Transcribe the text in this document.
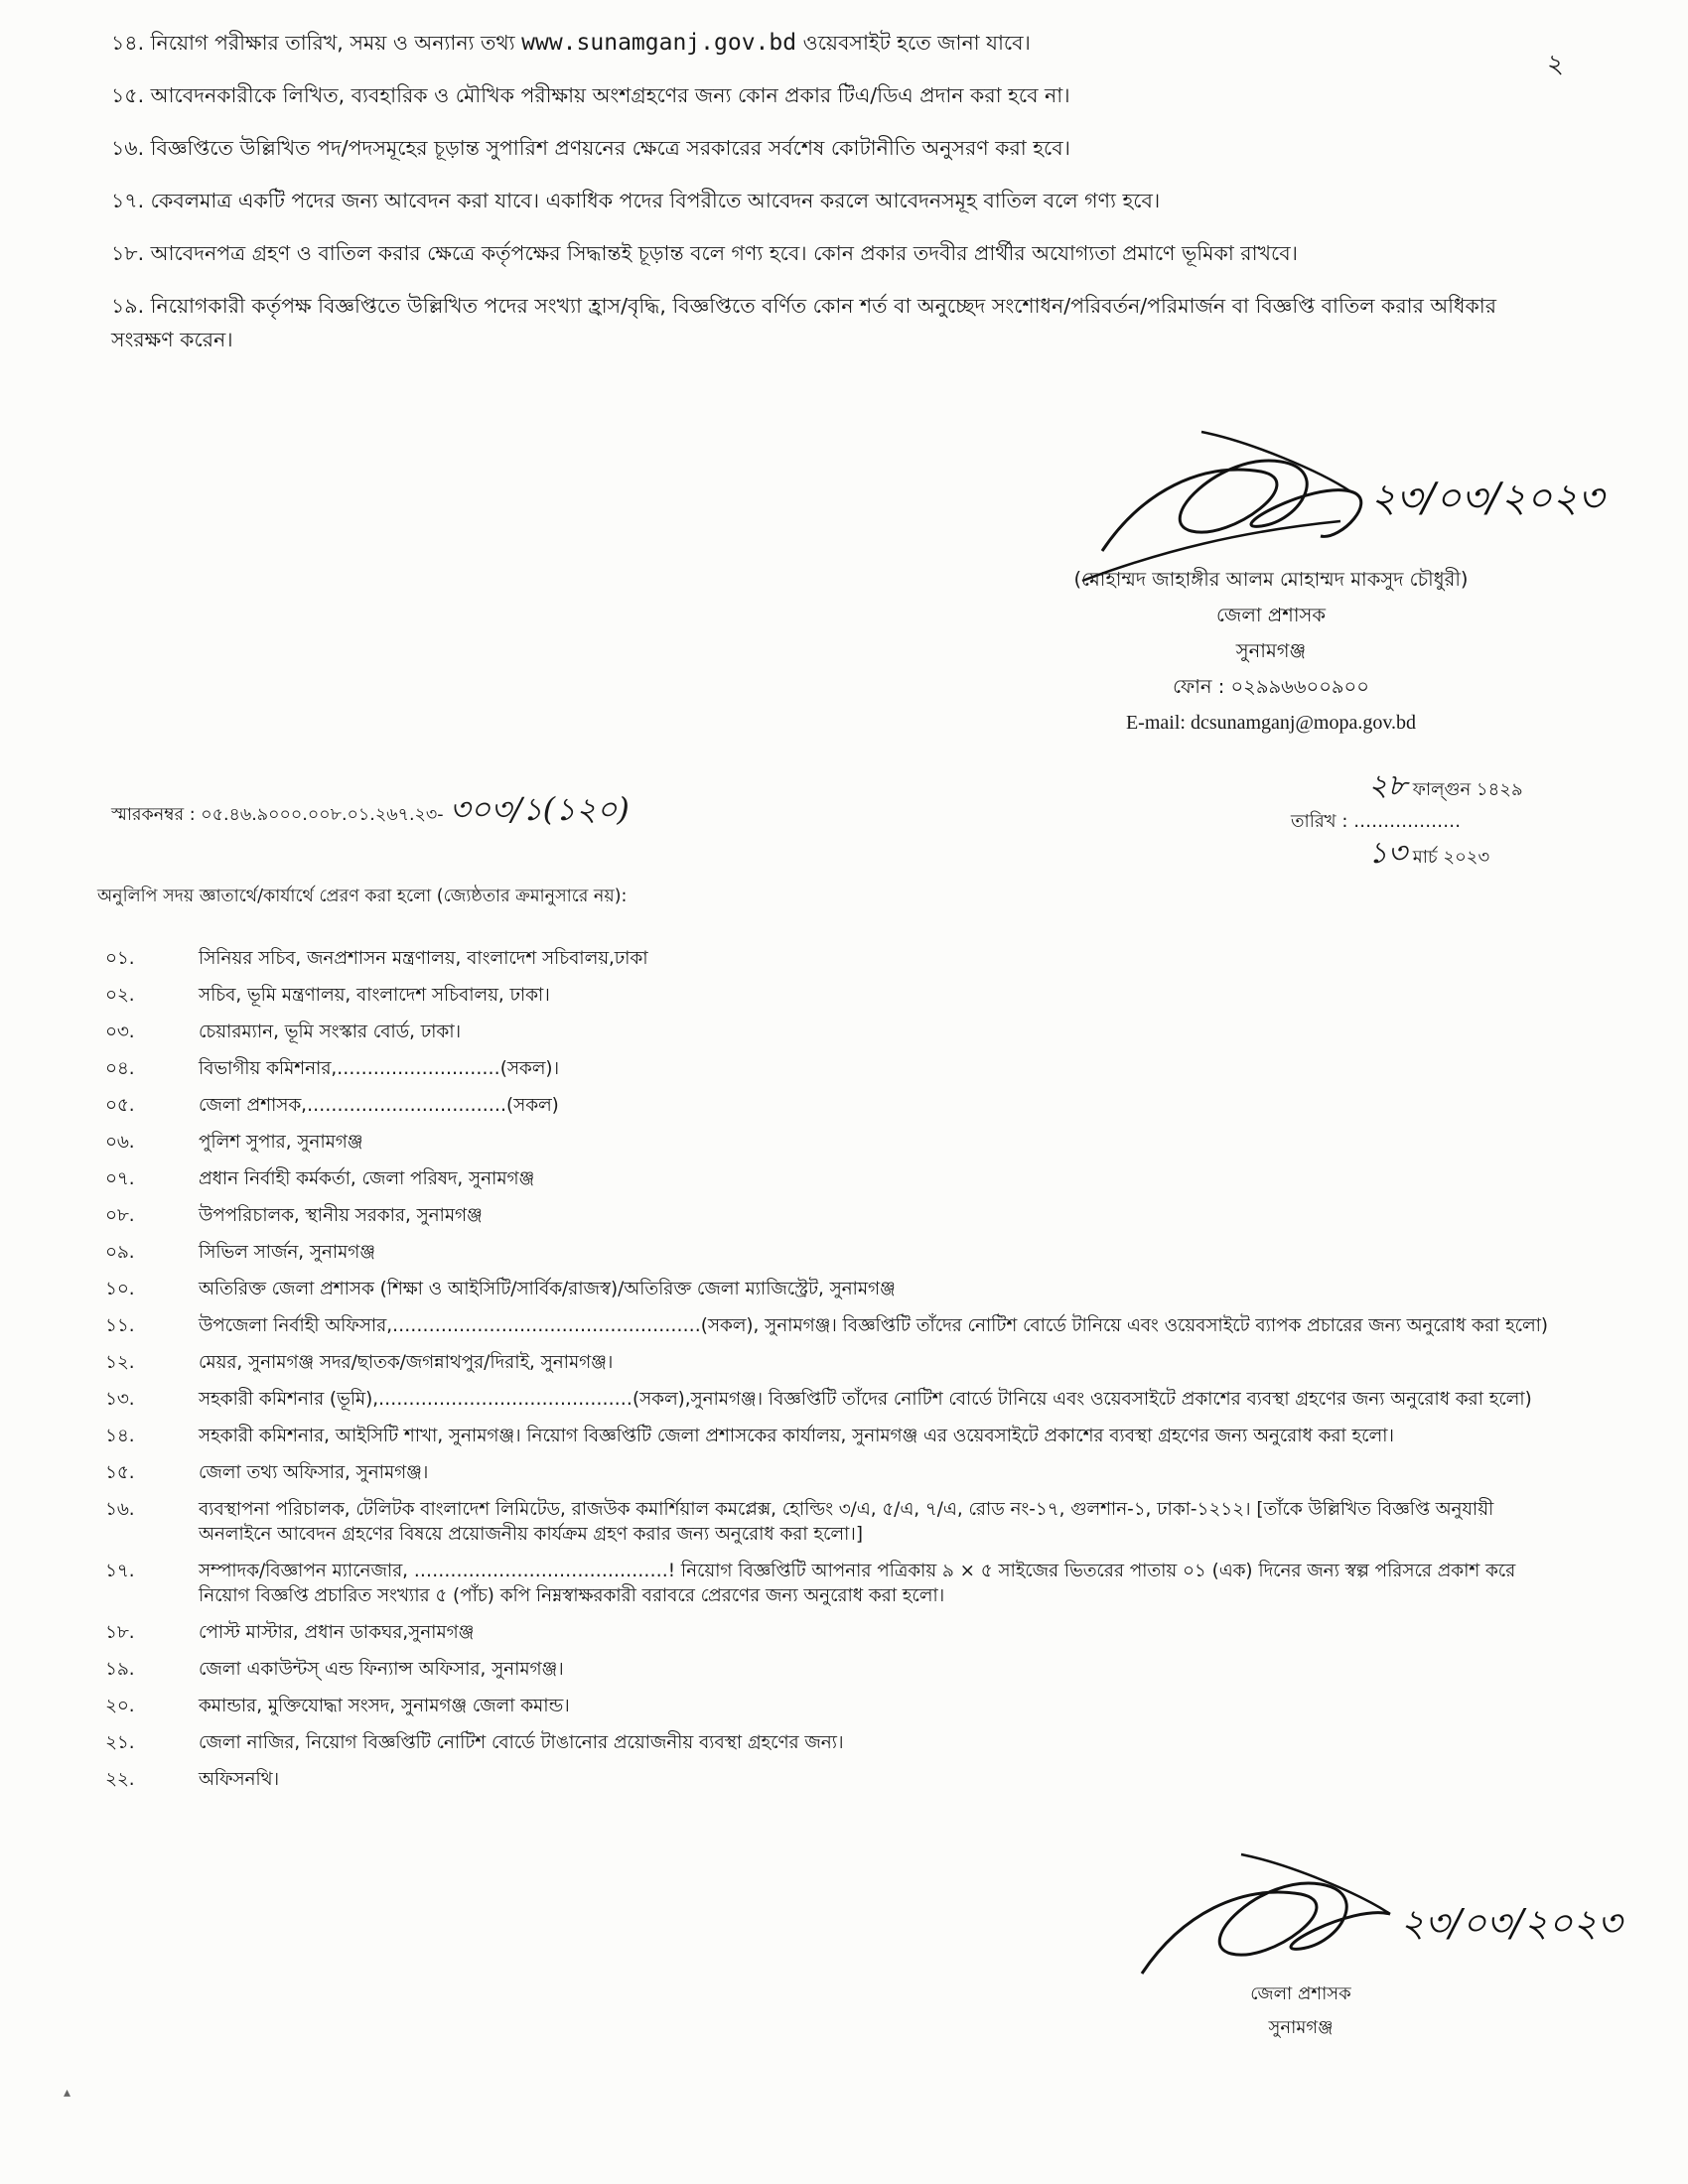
২

১৪. নিয়োগ পরীক্ষার তারিখ, সময় ও অন্যান্য তথ্য www.sunamganj.gov.bd ওয়েবসাইট হতে জানা যাবে।

১৫. আবেদনকারীকে লিখিত, ব্যবহারিক ও মৌখিক পরীক্ষায় অংশগ্রহণের জন্য কোন প্রকার টিএ/ডিএ প্রদান করা হবে না।

১৬. বিজ্ঞপ্তিতে উল্লিখিত পদ/পদসমূহের চূড়ান্ত সুপারিশ প্রণয়নের ক্ষেত্রে সরকারের সর্বশেষ কোটানীতি অনুসরণ করা হবে।

১৭. কেবলমাত্র একটি পদের জন্য আবেদন করা যাবে। একাধিক পদের বিপরীতে আবেদন করলে আবেদনসমূহ বাতিল বলে গণ্য হবে।

১৮. আবেদনপত্র গ্রহণ ও বাতিল করার ক্ষেত্রে কর্তৃপক্ষের সিদ্ধান্তই চূড়ান্ত বলে গণ্য হবে। কোন প্রকার তদবীর প্রার্থীর অযোগ্যতা প্রমাণে ভূমিকা রাখবে।

১৯. নিয়োগকারী কর্তৃপক্ষ বিজ্ঞপ্তিতে উল্লিখিত পদের সংখ্যা হ্রাস/বৃদ্ধি, বিজ্ঞপ্তিতে বর্ণিত কোন শর্ত বা অনুচ্ছেদ সংশোধন/পরিবর্তন/পরিমার্জন বা বিজ্ঞপ্তি বাতিল করার অধিকার সংরক্ষণ করেন।

২৩/০৩/২০২৩
(মোহাম্মদ জাহাঙ্গীর আলম মোহাম্মদ মাকসুদ চৌধুরী)
জেলা প্রশাসক
সুনামগঞ্জ
ফোন : ০২৯৯৬৬০০৯০০
E-mail: dcsunamganj@mopa.gov.bd
স্মারকনম্বর : ০৫.৪৬.৯০০০.০০৮.০১.২৬৭.২৩- ৩০৩/১(১২০)
২৮ ফাল্গুন ১৪২৯
তারিখ : ………………
১৩ মার্চ ২০২৩
অনুলিপি সদয় জ্ঞাতার্থে/কার্যার্থে প্রেরণ করা হলো (জ্যেষ্ঠতার ক্রমানুসারে নয়):
০১.	সিনিয়র সচিব, জনপ্রশাসন মন্ত্রণালয়, বাংলাদেশ সচিবালয়,ঢাকা
০২.	সচিব, ভূমি মন্ত্রণালয়, বাংলাদেশ সচিবালয়, ঢাকা।
০৩.	চেয়ারম্যান, ভূমি সংস্কার বোর্ড, ঢাকা।
০৪.	বিভাগীয় কমিশনার,………………………(সকল)।
০৫.	জেলা প্রশাসক,……………………………(সকল)
০৬.	পুলিশ সুপার, সুনামগঞ্জ
০৭.	প্রধান নির্বাহী কর্মকর্তা, জেলা পরিষদ, সুনামগঞ্জ
০৮.	উপপরিচালক, স্থানীয় সরকার, সুনামগঞ্জ
০৯.	সিভিল সার্জন, সুনামগঞ্জ
১০.	অতিরিক্ত জেলা প্রশাসক (শিক্ষা ও আইসিটি/সার্বিক/রাজস্ব)/অতিরিক্ত জেলা ম্যাজিস্ট্রেট, সুনামগঞ্জ
১১.	উপজেলা নির্বাহী অফিসার,……………………………………………(সকল), সুনামগঞ্জ। বিজ্ঞপ্তিটি তাঁদের নোটিশ বোর্ডে টানিয়ে এবং ওয়েবসাইটে ব্যাপক প্রচারের জন্য অনুরোধ করা হলো)
১২.	মেয়র, সুনামগঞ্জ সদর/ছাতক/জগন্নাথপুর/দিরাই, সুনামগঞ্জ।
১৩.	সহকারী কমিশনার (ভূমি),……………………………………(সকল),সুনামগঞ্জ। বিজ্ঞপ্তিটি তাঁদের নোটিশ বোর্ডে টানিয়ে এবং ওয়েবসাইটে প্রকাশের ব্যবস্থা গ্রহণের জন্য অনুরোধ করা হলো)
১৪.	সহকারী কমিশনার, আইসিটি শাখা, সুনামগঞ্জ। নিয়োগ বিজ্ঞপ্তিটি জেলা প্রশাসকের কার্যালয়, সুনামগঞ্জ এর ওয়েবসাইটে প্রকাশের ব্যবস্থা গ্রহণের জন্য অনুরোধ করা হলো।
১৫.	জেলা তথ্য অফিসার, সুনামগঞ্জ।
১৬.	ব্যবস্থাপনা পরিচালক, টেলিটক বাংলাদেশ লিমিটেড, রাজউক কমার্শিয়াল কমপ্লেক্স, হোল্ডিং ৩/এ, ৫/এ, ৭/এ, রোড নং-১৭, গুলশান-১, ঢাকা-১২১২। [তাঁকে উল্লিখিত বিজ্ঞপ্তি অনুযায়ী অনলাইনে আবেদন গ্রহণের বিষয়ে প্রয়োজনীয় কার্যক্রম গ্রহণ করার জন্য অনুরোধ করা হলো।]
১৭.	সম্পাদক/বিজ্ঞাপন ম্যানেজার, ……………………………………! নিয়োগ বিজ্ঞপ্তিটি আপনার পত্রিকায় ৯ × ৫ সাইজের ভিতরের পাতায় ০১ (এক) দিনের জন্য স্বল্প পরিসরে প্রকাশ করে নিয়োগ বিজ্ঞপ্তি প্রচারিত সংখ্যার ৫ (পাঁচ) কপি নিম্নস্বাক্ষরকারী বরাবরে প্রেরণের জন্য অনুরোধ করা হলো।
১৮.	পোস্ট মাস্টার, প্রধান ডাকঘর,সুনামগঞ্জ
১৯.	জেলা একাউন্টস্ এন্ড ফিন্যান্স অফিসার, সুনামগঞ্জ।
২০.	কমান্ডার, মুক্তিযোদ্ধা সংসদ, সুনামগঞ্জ জেলা কমান্ড।
২১.	জেলা নাজির, নিয়োগ বিজ্ঞপ্তিটি নোটিশ বোর্ডে টাঙানোর প্রয়োজনীয় ব্যবস্থা গ্রহণের জন্য।
২২.	অফিসনথি।
২৩/০৩/২০২৩
জেলা প্রশাসক
সুনামগঞ্জ
▴
